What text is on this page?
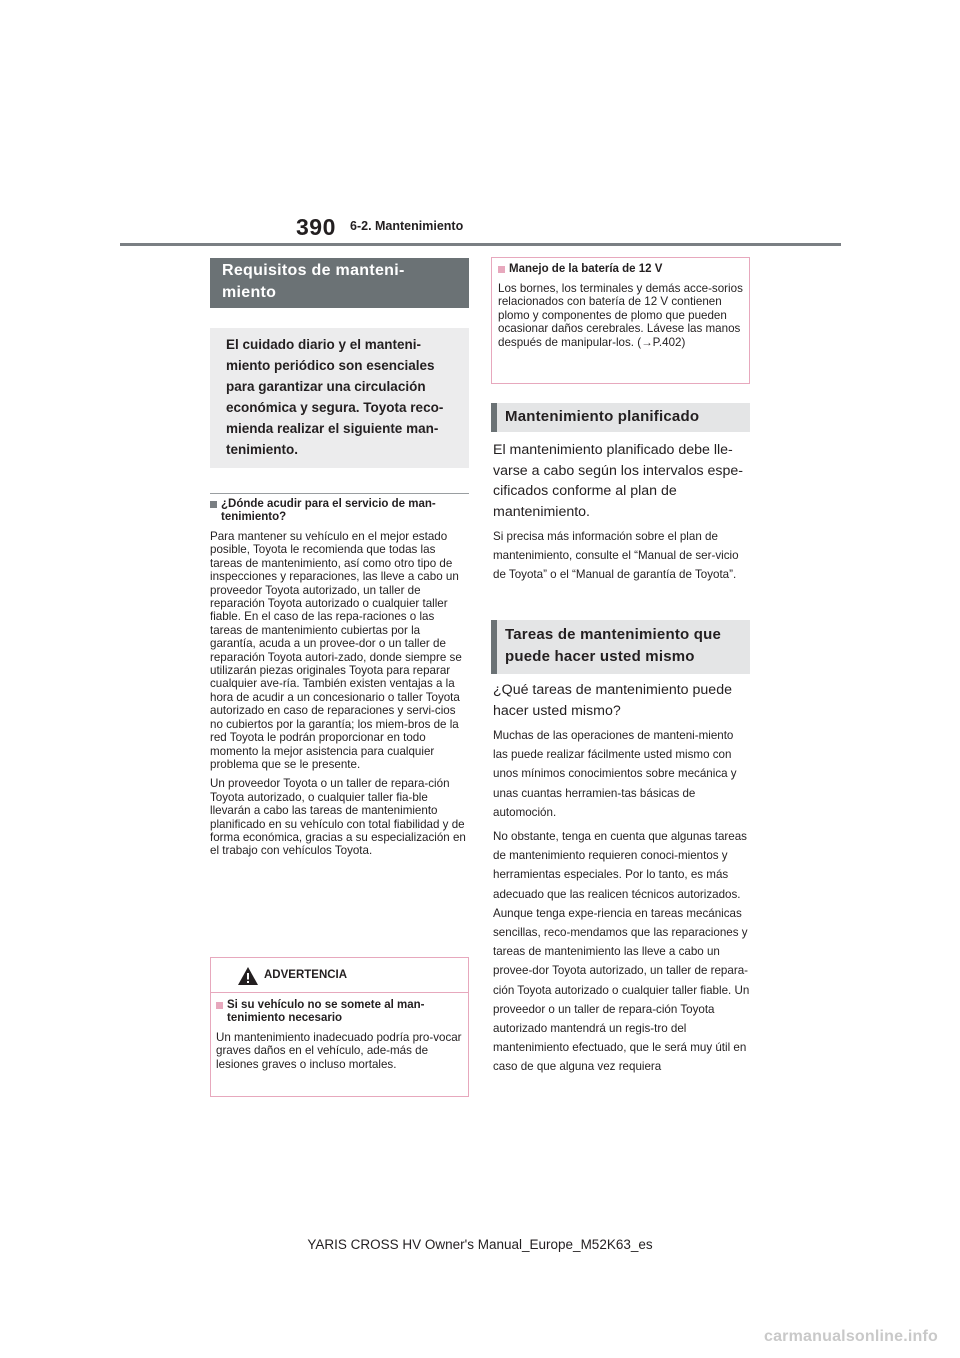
390 6-2. Mantenimiento
Requisitos de manteni-miento
El cuidado diario y el manteni-miento periódico son esenciales para garantizar una circulación económica y segura. Toyota reco-mienda realizar el siguiente man-tenimiento.
¿Dónde acudir para el servicio de man-tenimiento?

Para mantener su vehículo en el mejor estado posible, Toyota le recomienda que todas las tareas de mantenimiento, así como otro tipo de inspecciones y reparaciones, las lleve a cabo un proveedor Toyota autorizado, un taller de reparación Toyota autorizado o cualquier taller fiable. En el caso de las repa-raciones o las tareas de mantenimiento cubiertas por la garantía, acuda a un provee-dor o un taller de reparación Toyota autori-zado, donde siempre se utilizarán piezas originales Toyota para reparar cualquier ave-ría. También existen ventajas a la hora de acudir a un concesionario o taller Toyota autorizado en caso de reparaciones y servi-cios no cubiertos por la garantía; los miem-bros de la red Toyota le podrán proporcionar en todo momento la mejor asistencia para cualquier problema que se le presente.

Un proveedor Toyota o un taller de repara-ción Toyota autorizado, o cualquier taller fia-ble llevarán a cabo las tareas de mantenimiento planificado en su vehículo con total fiabilidad y de forma económica, gracias a su especialización en el trabajo con vehículos Toyota.

ADVERTENCIA
Si su vehículo no se somete al man-tenimiento necesario

Un mantenimiento inadecuado podría pro-vocar graves daños en el vehículo, ade-más de lesiones graves o incluso mortales.

Manejo de la batería de 12 V

Los bornes, los terminales y demás acce-sorios relacionados con batería de 12 V contienen plomo y componentes de plomo que pueden ocasionar daños cerebrales. Lávese las manos después de manipular-los. (→P.402)

Mantenimiento planificado

El mantenimiento planificado debe lle-varse a cabo según los intervalos espe-cificados conforme al plan de mantenimiento.

Si precisa más información sobre el plan de mantenimiento, consulte el “Manual de ser-vicio de Toyota” o el “Manual de garantía de Toyota”.

Tareas de mantenimiento que puede hacer usted mismo

¿Qué tareas de mantenimiento puede hacer usted mismo?

Muchas de las operaciones de manteni-miento las puede realizar fácilmente usted mismo con unos mínimos conocimientos sobre mecánica y unas cuantas herramien-tas básicas de automoción.

No obstante, tenga en cuenta que algunas tareas de mantenimiento requieren conoci-mientos y herramientas especiales. Por lo tanto, es más adecuado que las realicen técnicos autorizados. Aunque tenga expe-riencia en tareas mecánicas sencillas, reco-mendamos que las reparaciones y tareas de mantenimiento las lleve a cabo un provee-dor Toyota autorizado, un taller de repara-ción Toyota autorizado o cualquier taller fiable. Un proveedor o un taller de repara-ción Toyota autorizado mantendrá un regis-tro del mantenimiento efectuado, que le será muy útil en caso de que alguna vez requiera

YARIS CROSS HV Owner's Manual_Europe_M52K63_es
carmanualsonline.info
